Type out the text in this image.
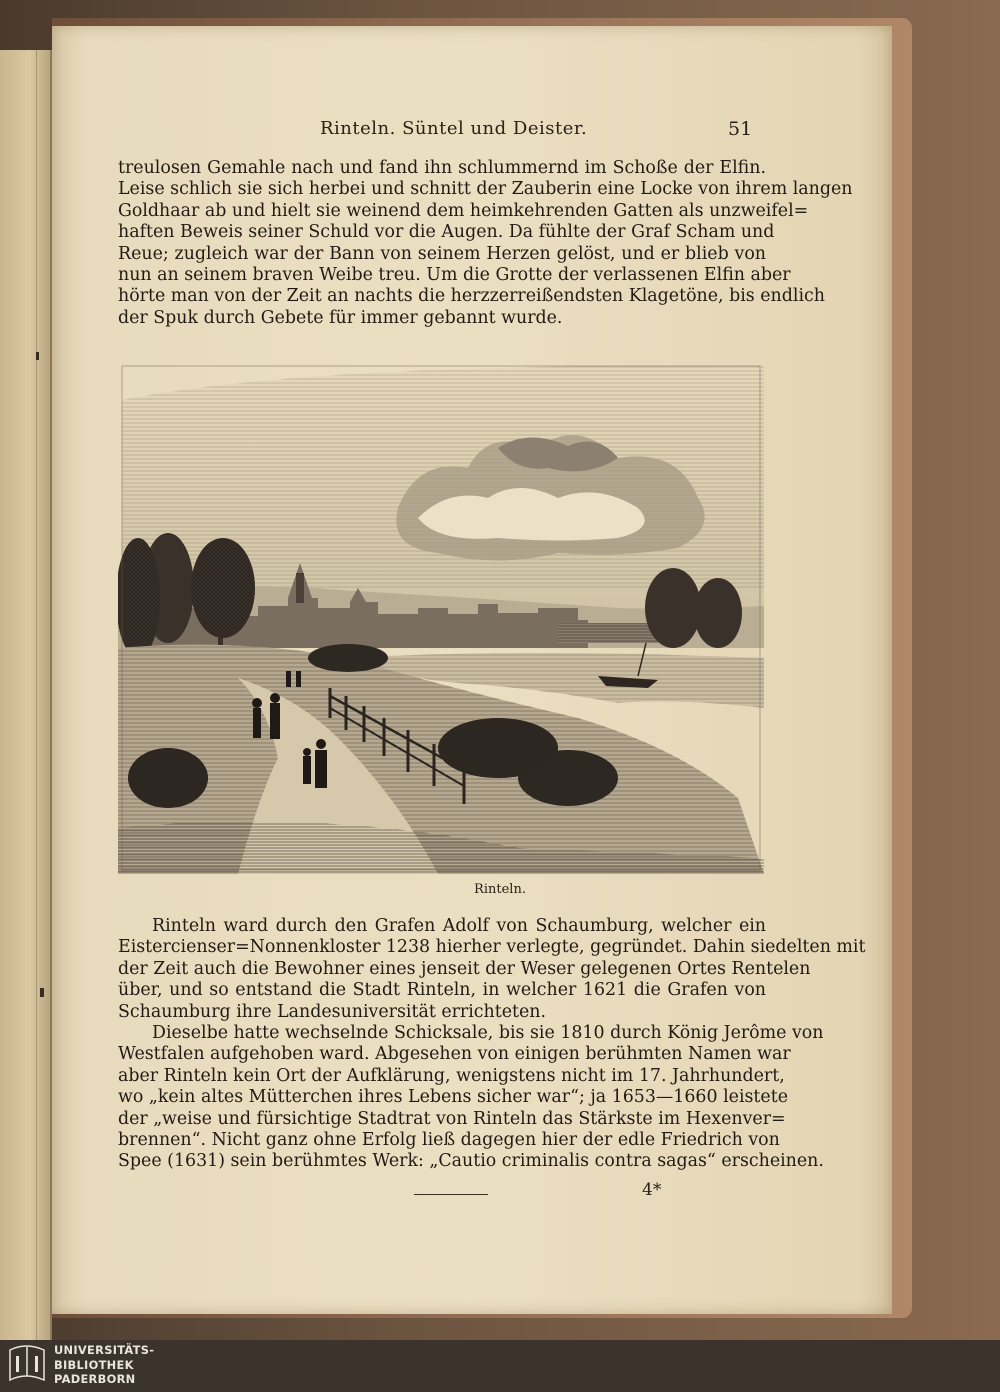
Rinteln. Süntel und Deister.	51
treulosen Gemahle nach und fand ihn schlummernd im Schoße der Elfin.
Leise schlich sie sich herbei und schnitt der Zauberin eine Locke von ihrem langen
Goldhaar ab und hielt sie weinend dem heimkehrenden Gatten als unzweifel=
haften Beweis seiner Schuld vor die Augen. Da fühlte der Graf Scham und
Reue; zugleich war der Bann von seinem Herzen gelöst, und er blieb von
nun an seinem braven Weibe treu. Um die Grotte der verlassenen Elfin aber
hörte man von der Zeit an nachts die herzzerreißendsten Klagetöne, bis endlich
der Spuk durch Gebete für immer gebannt wurde.
Rinteln.
Rinteln ward durch den Grafen Adolf von Schaumburg, welcher ein
Eistercienser=Nonnenkloster 1238 hierher verlegte, gegründet. Dahin siedelten mit
der Zeit auch die Bewohner eines jenseit der Weser gelegenen Ortes Rentelen
über, und so entstand die Stadt Rinteln, in welcher 1621 die Grafen von
Schaumburg ihre Landesuniversität errichteten.
Dieselbe hatte wechselnde Schicksale, bis sie 1810 durch König Jerôme von
Westfalen aufgehoben ward. Abgesehen von einigen berühmten Namen war
aber Rinteln kein Ort der Aufklärung, wenigstens nicht im 17. Jahrhundert,
wo „kein altes Mütterchen ihres Lebens sicher war“; ja 1653—1660 leistete
der „weise und fürsichtige Stadtrat von Rinteln das Stärkste im Hexenver=
brennen“. Nicht ganz ohne Erfolg ließ dagegen hier der edle Friedrich von
Spee (1631) sein berühmtes Werk: „Cautio criminalis contra sagas“ erscheinen.
4*
UNIVERSITÄTS-
BIBLIOTHEK
PADERBORN
